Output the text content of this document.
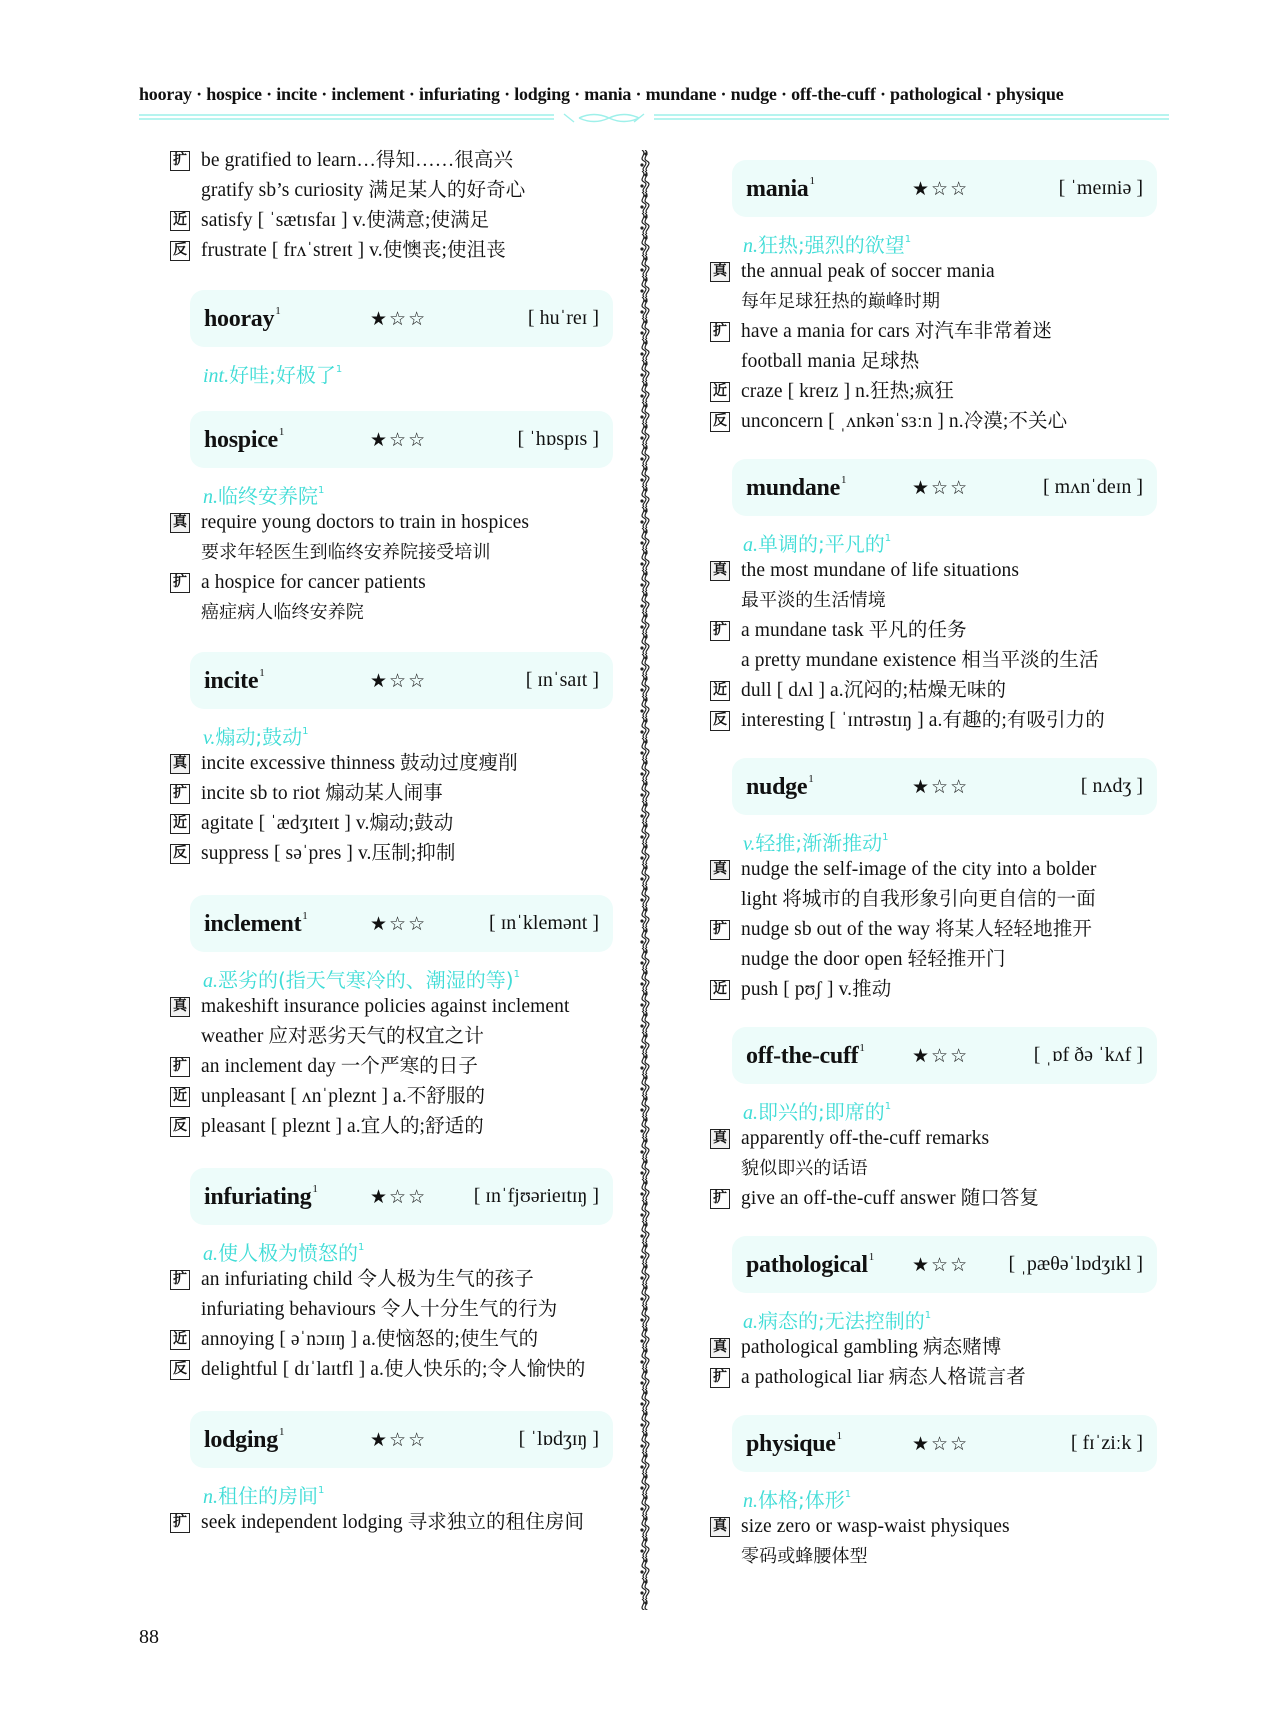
hooray · hospice · incite · inclement · infuriating · lodging · mania · mundane · nudge · off-the-cuff · pathological · physique
扩 be gratified to learn…得知……很高兴
gratify sb’s curiosity 满足某人的好奇心
近 satisfy [ ˈsætɪsfaɪ ] v.使满意;使满足
反 frustrate [ frʌˈstreɪt ] v.使懊丧;使沮丧
hooray$^1$	★☆☆	[ huˈreɪ ]
int.好哇;好极了$^1$
hospice$^1$	★☆☆	[ ˈhɒspɪs ]
n.临终安养院$^1$
真 require young doctors to train in hospices
要求年轻医生到临终安养院接受培训
扩 a hospice for cancer patients
癌症病人临终安养院
incite$^1$	★☆☆	[ ɪnˈsaɪt ]
v.煽动;鼓动$^1$
真 incite excessive thinness 鼓动过度瘦削
扩 incite sb to riot 煽动某人闹事
近 agitate [ ˈædʒɪteɪt ] v.煽动;鼓动
反 suppress [ səˈpres ] v.压制;抑制
inclement$^1$	★☆☆	[ ɪnˈklemənt ]
a.恶劣的(指天气寒冷的、潮湿的等)$^1$
真 makeshift insurance policies against inclement
weather 应对恶劣天气的权宜之计
扩 an inclement day 一个严寒的日子
近 unpleasant [ ʌnˈpleznt ] a.不舒服的
反 pleasant [ pleznt ] a.宜人的;舒适的
infuriating$^1$	★☆☆ [ ɪnˈfjʊərieɪtɪŋ ]
a.使人极为愤怒的$^1$
扩 an infuriating child 令人极为生气的孩子
infuriating behaviours 令人十分生气的行为
近 annoying [ əˈnɔɪɪŋ ] a.使恼怒的;使生气的
反 delightful [ dɪˈlaɪtfl ] a.使人快乐的;令人愉快的
lodging$^1$	★☆☆	[ ˈlɒdʒɪŋ ]
n.租住的房间$^1$
扩 seek independent lodging 寻求独立的租住房间
mania$^1$	★☆☆	[ ˈmeɪniə ]
n.狂热;强烈的欲望$^1$
真 the annual peak of soccer mania
每年足球狂热的巅峰时期
扩 have a mania for cars 对汽车非常着迷
football mania 足球热
近 craze [ kreɪz ] n.狂热;疯狂
反 unconcern [ ˌʌnkənˈsɜːn ] n.冷漠;不关心
mundane$^1$	★☆☆	[ mʌnˈdeɪn ]
a.单调的;平凡的$^1$
真 the most mundane of life situations
最平淡的生活情境
扩 a mundane task 平凡的任务
a pretty mundane existence 相当平淡的生活
近 dull [ dʌl ] a.沉闷的;枯燥无味的
反 interesting [ ˈɪntrəstɪŋ ] a.有趣的;有吸引力的
nudge$^1$	★☆☆	[ nʌdʒ ]
v.轻推;渐渐推动$^1$
真 nudge the self-image of the city into a bolder
light 将城市的自我形象引向更自信的一面
扩 nudge sb out of the way 将某人轻轻地推开
nudge the door open 轻轻推开门
近 push [ pʊʃ ] v.推动
off-the-cuff$^1$ ★☆☆	[ ˌɒf ðə ˈkʌf ]
a.即兴的;即席的$^1$
真 apparently off-the-cuff remarks
貌似即兴的话语
扩 give an off-the-cuff answer 随口答复
pathological$^1$ ★☆☆ [ ˌpæθəˈlɒdʒɪkl ]
a.病态的;无法控制的$^1$
真 pathological gambling 病态赌博
扩 a pathological liar 病态人格谎言者
physique$^1$	★☆☆	[ fɪˈziːk ]
n.体格;体形$^1$
真 size zero or wasp-waist physiques
零码或蜂腰体型
88
